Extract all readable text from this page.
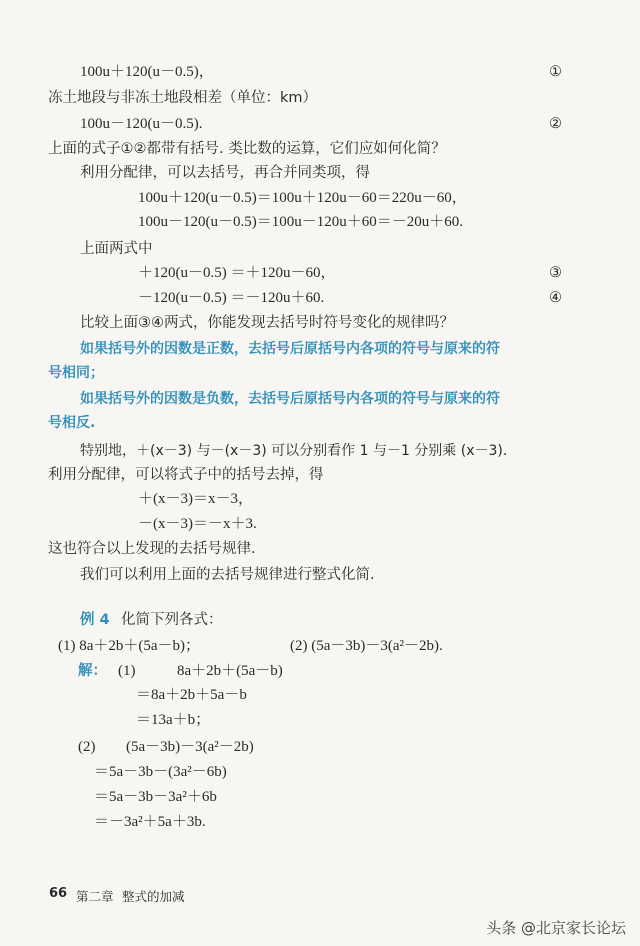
100u＋120(u－0.5)，	①
冻土地段与非冻土地段相差（单位：km）
100u－120(u－0.5).	②
上面的式子①②都带有括号. 类比数的运算，它们应如何化简？
利用分配律，可以去括号，再合并同类项，得
100u＋120(u－0.5)＝100u＋120u－60＝220u－60，
100u－120(u－0.5)＝100u－120u＋60＝－20u＋60.
上面两式中
＋120(u－0.5) ＝＋120u－60，	③
－120(u－0.5) ＝－120u＋60.	④
比较上面③④两式，你能发现去括号时符号变化的规律吗？
如果括号外的因数是正数，去括号后原括号内各项的符号与原来的符
号相同；
如果括号外的因数是负数，去括号后原括号内各项的符号与原来的符
号相反.
特别地，＋(x－3) 与－(x－3) 可以分别看作 1 与－1 分别乘 (x－3).
利用分配律，可以将式子中的括号去掉，得
＋(x－3)＝x－3，
－(x－3)＝－x＋3.
这也符合以上发现的去括号规律.
我们可以利用上面的去括号规律进行整式化简.
例 4 化简下列各式：
(1) 8a＋2b＋(5a－b)；	(2) (5a－3b)－3(a²－2b).
解： (1)	8a＋2b＋(5a－b)
＝8a＋2b＋5a－b
＝13a＋b；
(2) (5a－3b)－3(a²－2b)
＝5a－3b－(3a²－6b)
＝5a－3b－3a²＋6b
＝－3a²＋5a＋3b.
66 第二章 整式的加减
头条 @北京家长论坛
